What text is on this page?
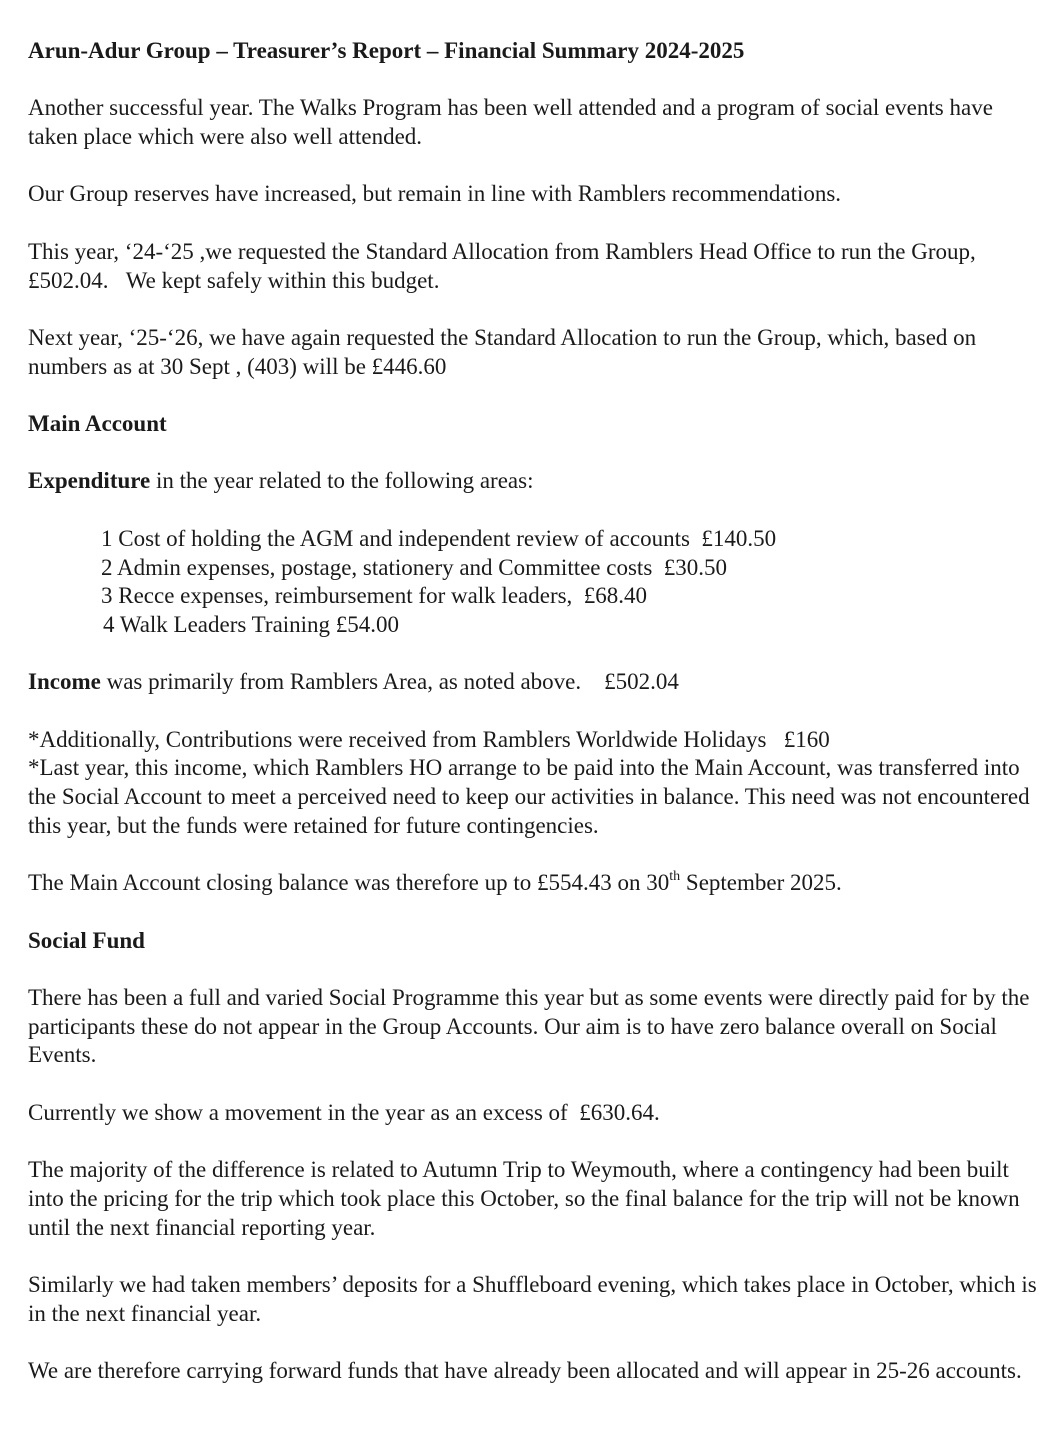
Arun-Adur Group – Treasurer’s Report – Financial Summary 2024-2025

Another successful year. The Walks Program has been well attended and a program of social events have taken place which were also well attended.

Our Group reserves have increased, but remain in line with Ramblers recommendations.

This year, ‘24-‘25 ,we requested the Standard Allocation from Ramblers Head Office to run the Group, £502.04.   We kept safely within this budget.

Next year, ‘25-‘26, we have again requested the Standard Allocation to run the Group, which, based on numbers as at 30 Sept , (403) will be £446.60

Main Account

Expenditure in the year related to the following areas:

1 Cost of holding the AGM and independent review of accounts  £140.50
2 Admin expenses, postage, stationery and Committee costs  £30.50
3 Recce expenses, reimbursement for walk leaders,  £68.40
4 Walk Leaders Training £54.00

Income was primarily from Ramblers Area, as noted above.    £502.04

*Additionally, Contributions were received from Ramblers Worldwide Holidays   £160

*Last year, this income, which Ramblers HO arrange to be paid into the Main Account, was transferred into the Social Account to meet a perceived need to keep our activities in balance. This need was not encountered this year, but the funds were retained for future contingencies.

The Main Account closing balance was therefore up to £554.43 on 30th September 2025.

Social Fund

There has been a full and varied Social Programme this year but as some events were directly paid for by the participants these do not appear in the Group Accounts. Our aim is to have zero balance overall on Social Events.

Currently we show a movement in the year as an excess of  £630.64.

The majority of the difference is related to Autumn Trip to Weymouth, where a contingency had been built into the pricing for the trip which took place this October, so the final balance for the trip will not be known until the next financial reporting year.

Similarly we had taken members’ deposits for a Shuffleboard evening, which takes place in October, which is in the next financial year.

We are therefore carrying forward funds that have already been allocated and will appear in 25-26 accounts.
